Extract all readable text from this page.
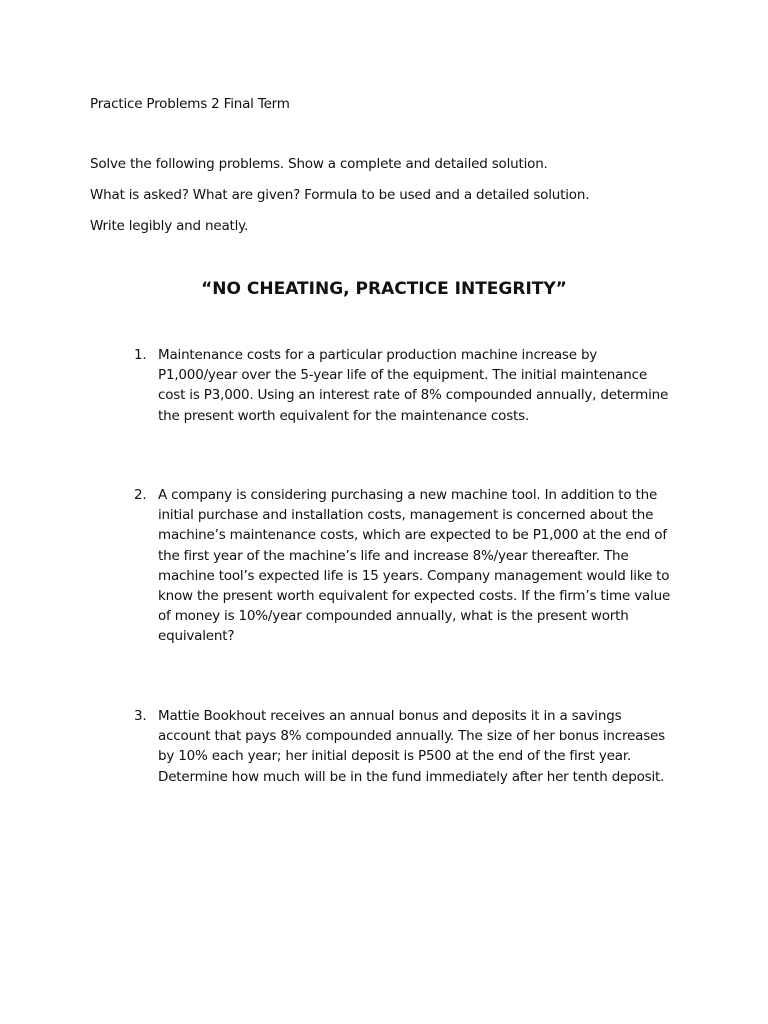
Practice Problems 2 Final Term
Solve the following problems. Show a complete and detailed solution.
What is asked? What are given? Formula to be used and a detailed solution.
Write legibly and neatly.
“NO CHEATING, PRACTICE INTEGRITY”
1. Maintenance costs for a particular production machine increase by
P1,000/year over the 5-year life of the equipment. The initial maintenance
cost is P3,000. Using an interest rate of 8% compounded annually, determine
the present worth equivalent for the maintenance costs.
2. A company is considering purchasing a new machine tool. In addition to the
initial purchase and installation costs, management is concerned about the
machine’s maintenance costs, which are expected to be P1,000 at the end of
the first year of the machine’s life and increase 8%/year thereafter. The
machine tool’s expected life is 15 years. Company management would like to
know the present worth equivalent for expected costs. If the firm’s time value
of money is 10%/year compounded annually, what is the present worth
equivalent?
3. Mattie Bookhout receives an annual bonus and deposits it in a savings
account that pays 8% compounded annually. The size of her bonus increases
by 10% each year; her initial deposit is P500 at the end of the first year.
Determine how much will be in the fund immediately after her tenth deposit.
